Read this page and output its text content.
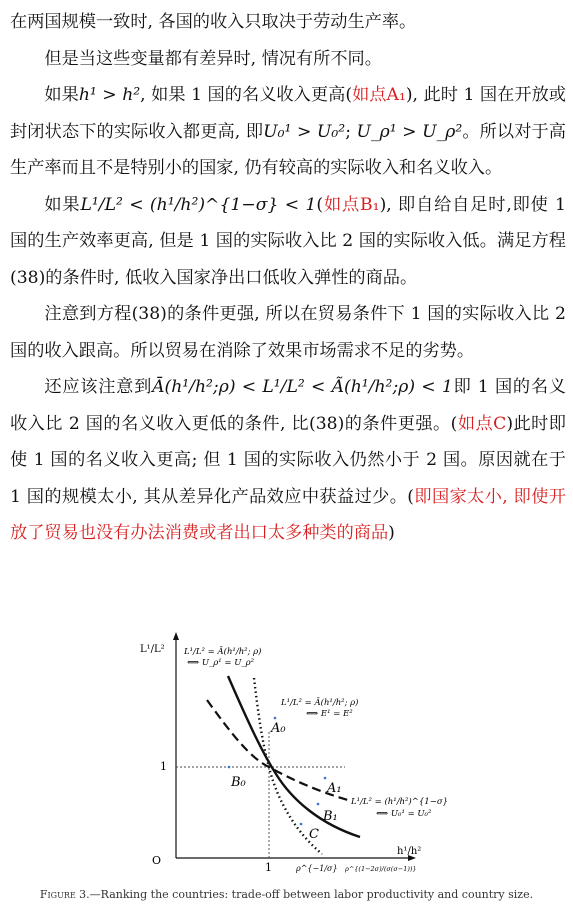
在两国规模一致时, 各国的收入只取决于劳动生产率。

但是当这些变量都有差异时, 情况有所不同。

如果h¹ > h², 如果 1 国的名义收入更高(如点A₁), 此时 1 国在开放或封闭状态下的实际收入都更高, 即U₀¹ > U₀²; U_ρ¹ > U_ρ²。所以对于高生产率而且不是特别小的国家, 仍有较高的实际收入和名义收入。

如果L¹/L² < (h¹/h²)^{1−σ} < 1(如点B₁), 即自给自足时,即使 1 国的生产效率更高, 但是 1 国的实际收入比 2 国的实际收入低。满足方程(38)的条件时, 低收入国家净出口低收入弹性的商品。

注意到方程(38)的条件更强, 所以在贸易条件下 1 国的实际收入比 2 国的收入跟高。所以贸易在消除了效果市场需求不足的劣势。

还应该注意到Ā(h¹/h²;ρ) < L¹/L² < Ã(h¹/h²;ρ) < 1即 1 国的名义收入比 2 国的名义收入更低的条件, 比(38)的条件更强。(如点C)此时即使 1 国的名义收入更高; 但 1 国的实际收入仍然小于 2 国。原因就在于 1 国的规模太小, 其从差异化产品效应中获益过少。(即国家太小, 即使开放了贸易也没有办法消费或者出口太多种类的商品)

L¹/L²
h¹/h²
O
1
1	ρ^{−1/σ} ρ^{(1−2σ)/(σ(σ−1))}
L¹/L² = Ā(h¹/h²; ρ)
⟺ U_ρ¹ = U_ρ²
L¹/L² = Ā(h¹/h²; ρ)
⟺ E¹ = E²
L¹/L² = (h¹/h²)^{1−σ}
⟺ U₀¹ = U₀²
A₀
A₁
B₀
B₁
C
Figure 3.—Ranking the countries: trade-off between labor productivity and country size.
